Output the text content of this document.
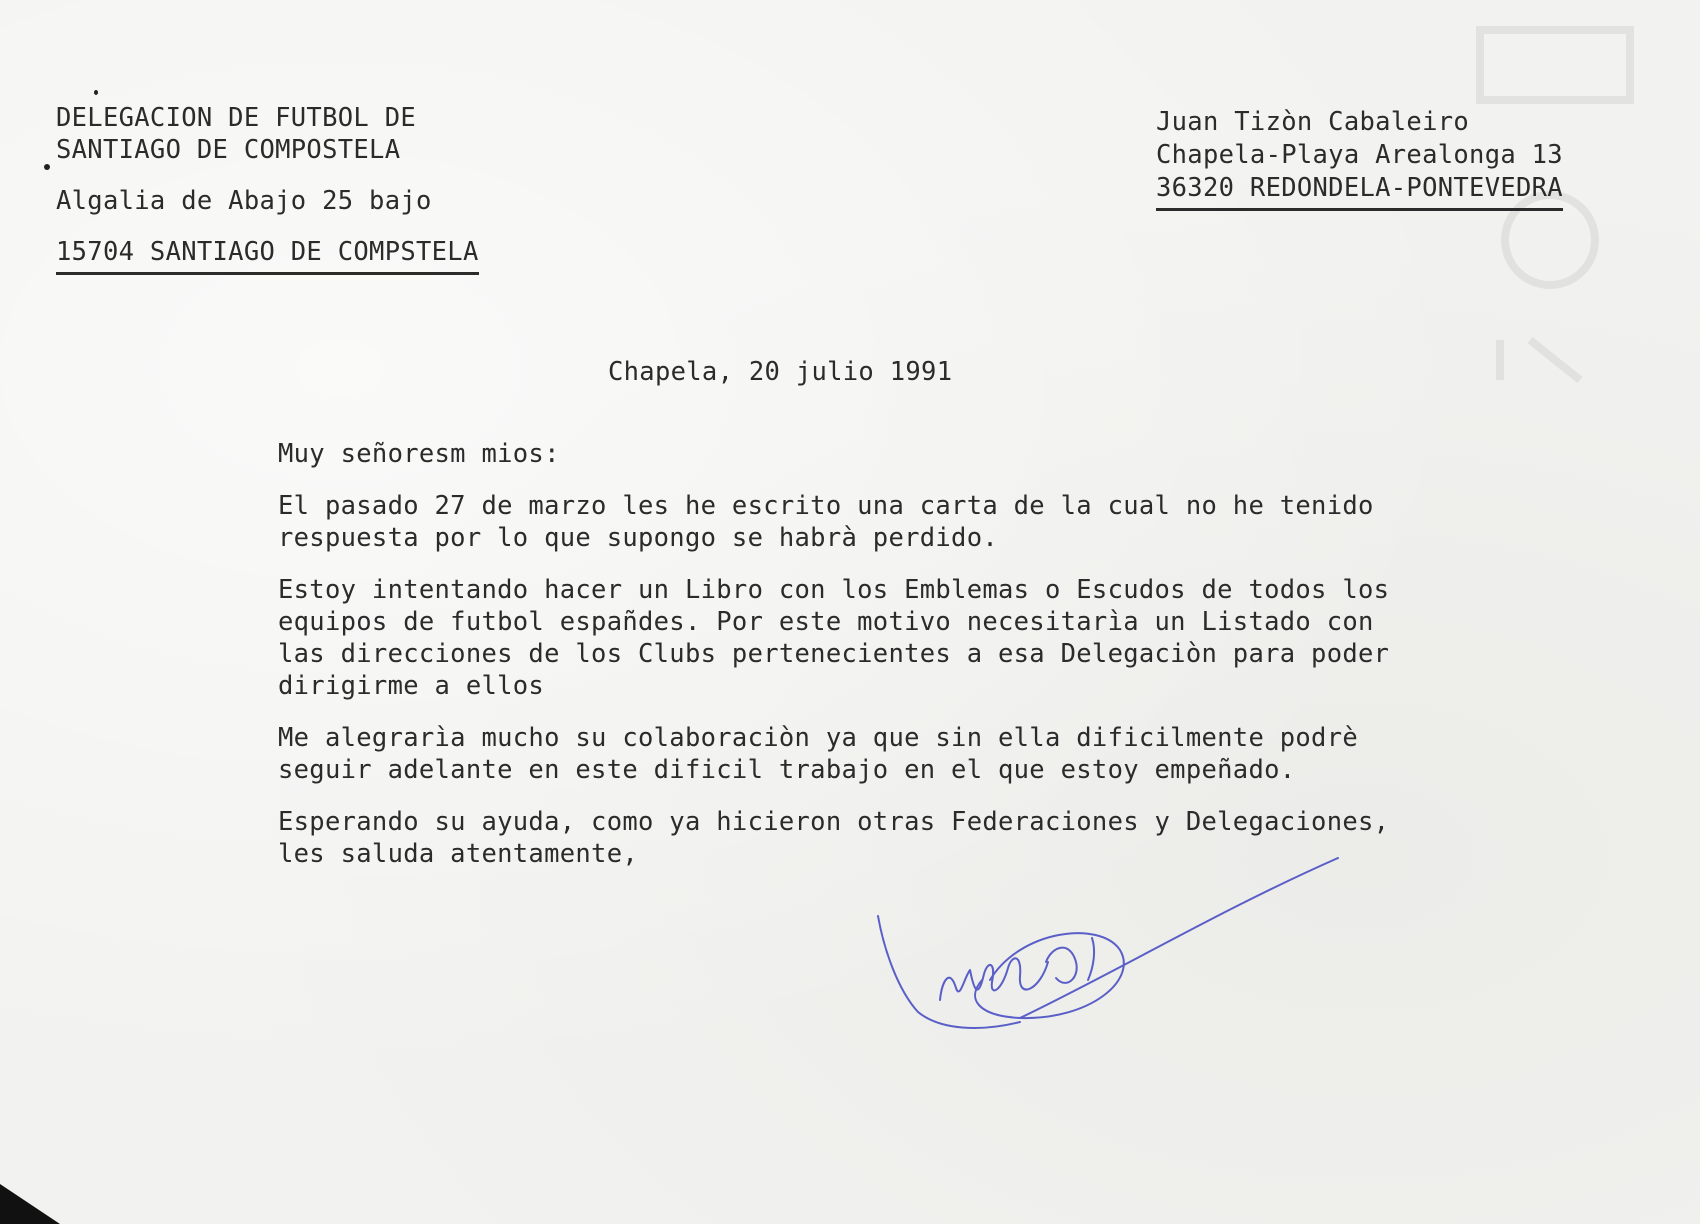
DELEGACION DE FUTBOL DE

SANTIAGO DE COMPOSTELA

Algalia de Abajo 25 bajo

15704 SANTIAGO DE COMPSTELA

Juan Tizòn Cabaleiro

Chapela-Playa Arealonga 13

36320 REDONDELA-PONTEVEDRA

Chapela, 20 julio 1991

Muy señoresm mios:

El pasado 27 de marzo les he escrito una carta de la cual no he tenido

respuesta por lo que supongo se habrà perdido.

Estoy intentando hacer un Libro con los Emblemas o Escudos de todos los

equipos de futbol españdes. Por este motivo necesitarìa un Listado con

las direcciones de los Clubs pertenecientes a esa Delegaciòn para poder

dirigirme a ellos

Me alegrarìa mucho su colaboraciòn ya que sin ella dificilmente podrè

seguir adelante en este dificil trabajo en el que estoy empeñado.

Esperando su ayuda, como ya hicieron otras Federaciones y Delegaciones,

les saluda atentamente,
